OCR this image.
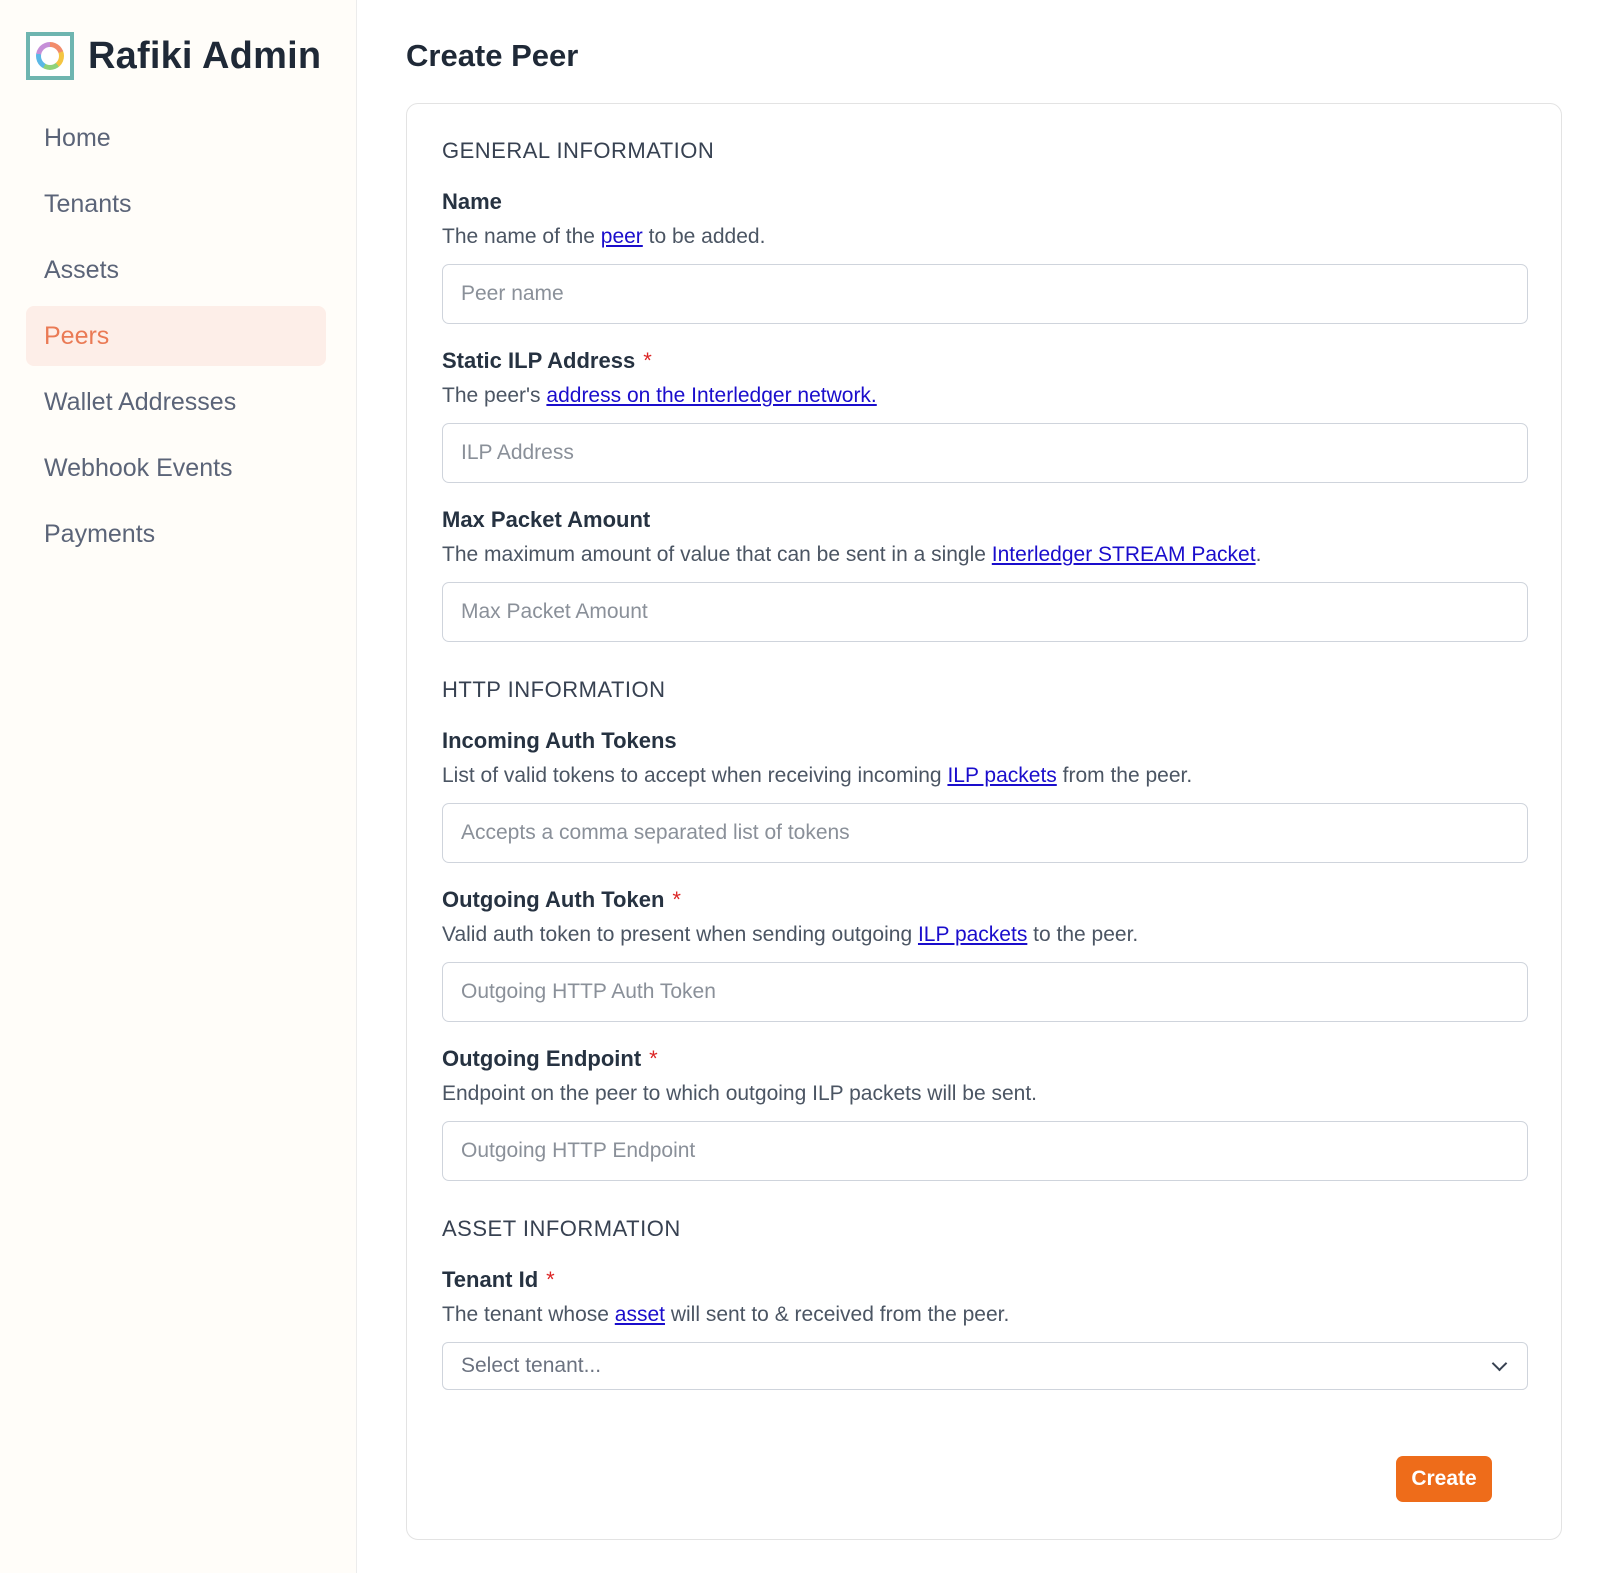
Rafiki Admin
Home
Tenants
Assets
Peers
Wallet Addresses
Webhook Events
Payments
Create Peer
GENERAL INFORMATION
Name
The name of the peer to be added.
Peer name
Static ILP Address *
The peer's address on the Interledger network.
ILP Address
Max Packet Amount
The maximum amount of value that can be sent in a single Interledger STREAM Packet.
Max Packet Amount
HTTP INFORMATION
Incoming Auth Tokens
List of valid tokens to accept when receiving incoming ILP packets from the peer.
Accepts a comma separated list of tokens
Outgoing Auth Token *
Valid auth token to present when sending outgoing ILP packets to the peer.
Outgoing HTTP Auth Token
Outgoing Endpoint *
Endpoint on the peer to which outgoing ILP packets will be sent.
Outgoing HTTP Endpoint
ASSET INFORMATION
Tenant Id *
The tenant whose asset will sent to & received from the peer.
Select tenant...
Create
